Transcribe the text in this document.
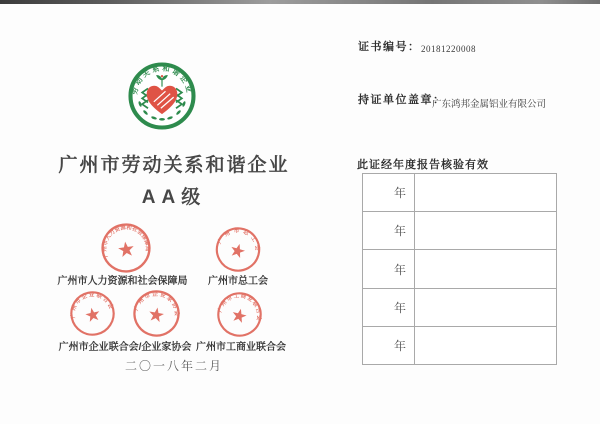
劳动关系和谐企业
广州市劳动关系和谐企业
AA级
广州市人力资源和社会保障局
广州市总工会
广州市企业联合会 广州市企业家协会
广州市工商业联合会
广州市人力资源和社会保障局	广州市总工会
广州市企业联合会/企业家协会 广州市工商业联合会
二〇一八年二月
证书编号： 20181220008
持证单位盖章：
广东鸿邦金属铝业有限公司
此证经年度报告核验有效
年
年
年
年
年
